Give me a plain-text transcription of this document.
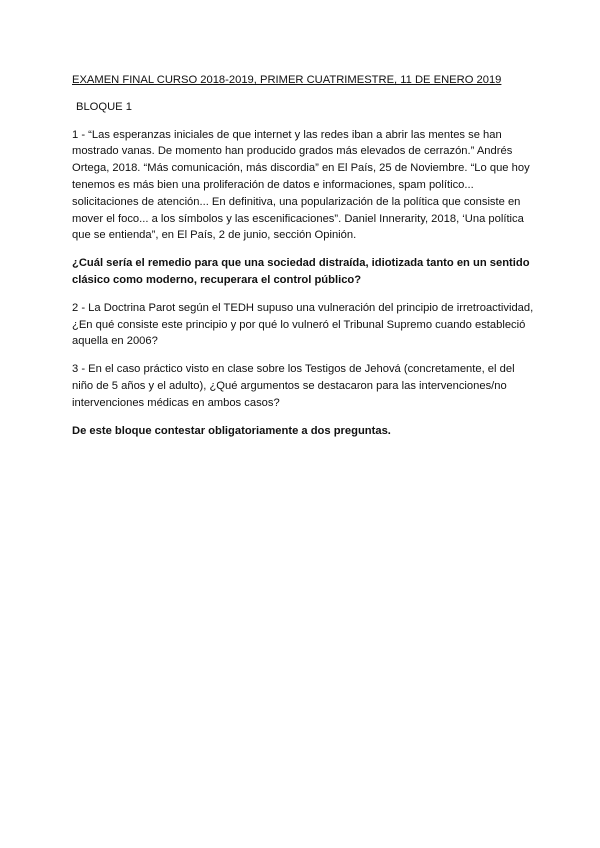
EXAMEN FINAL CURSO 2018-2019, PRIMER CUATRIMESTRE, 11 DE ENERO 2019
BLOQUE 1

1 - “Las esperanzas iniciales de que internet y las redes iban a abrir las mentes se han mostrado vanas. De momento han producido grados más elevados de cerrazón.” Andrés Ortega, 2018. “Más comunicación, más discordia” en El País, 25 de Noviembre. “Lo que hoy tenemos es más bien una proliferación de datos e informaciones, spam político... solicitaciones de atención... En definitiva, una popularización de la política que consiste en mover el foco... a los símbolos y las escenificaciones”. Daniel Innerarity, 2018, ‘Una política que se entienda”, en El País, 2 de junio, sección Opinión.

¿Cuál sería el remedio para que una sociedad distraída, idiotizada tanto en un sentido clásico como moderno, recuperara el control público?

2 - La Doctrina Parot según el TEDH supuso una vulneración del principio de irretroactividad, ¿En qué consiste este principio y por qué lo vulneró el Tribunal Supremo cuando estableció aquella en 2006?

3 - En el caso práctico visto en clase sobre los Testigos de Jehová (concretamente, el del niño de 5 años y el adulto), ¿Qué argumentos se destacaron para las intervenciones/no intervenciones médicas en ambos casos?

De este bloque contestar obligatoriamente a dos preguntas.
